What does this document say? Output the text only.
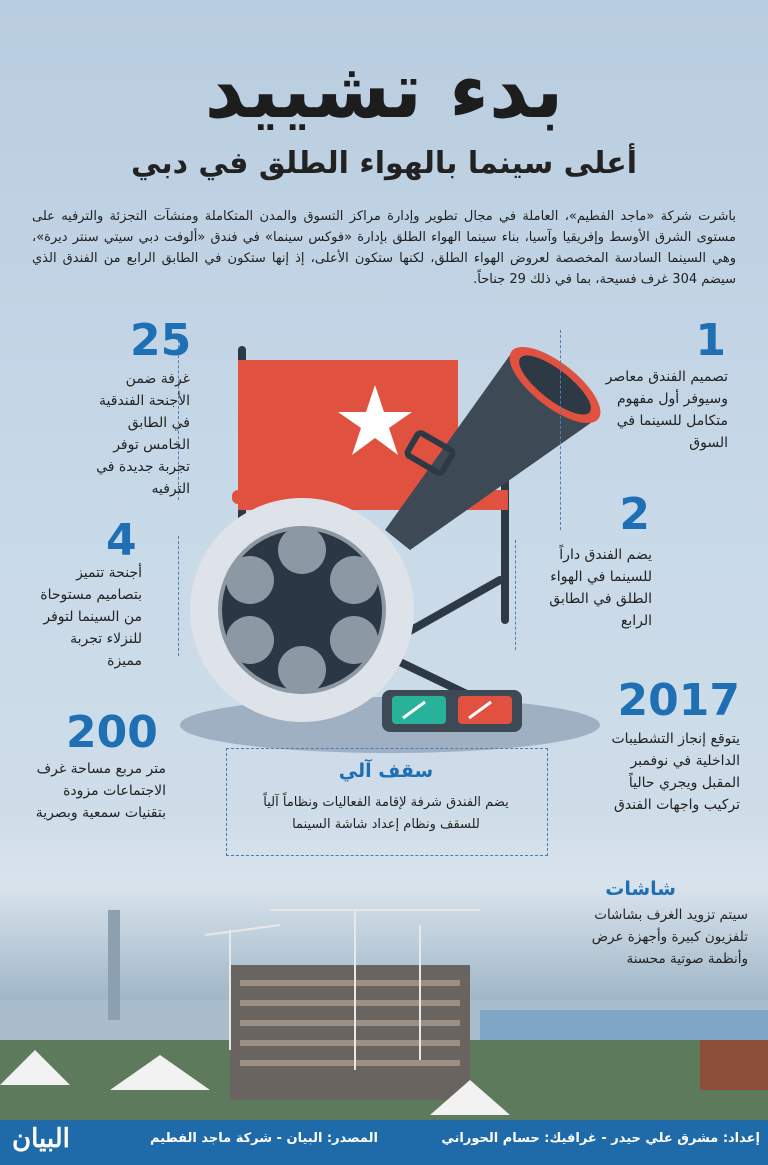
بدء تشييد
أعلى سينما بالهواء الطلق في دبي
باشرت شركة «ماجد الفطيم»، العاملة في مجال تطوير وإدارة مراكز التسوق والمدن المتكاملة ومنشآت التجزئة والترفيه على مستوى الشرق الأوسط وإفريقيا وآسيا، بناء سينما الهواء الطلق بإدارة «فوكس سينما» في فندق «ألوفت دبي سيتي سنتر ديرة»، وهي السينما السادسة المخصصة لعروض الهواء الطلق، لكنها ستكون الأعلى، إذ إنها ستكون في الطابق الرابع من الفندق الذي سيضم 304 غرف فسيحة، بما في ذلك 29 جناحاً.
1
تصميم الفندق معاصر وسيوفر أول مفهوم متكامل للسينما في السوق
2
يضم الفندق داراً للسينما في الهواء الطلق في الطابق الرابع
2017
يتوقع إنجاز التشطيبات الداخلية في نوفمبر المقبل ويجري حالياً تركيب واجهات الفندق
25
غرفة ضمن الأجنحة الفندقية في الطابق الخامس توفر تجربة جديدة في الترفيه
4
أجنحة تتميز بتصاميم مستوحاة من السينما لتوفر للنزلاء تجربة مميزة
200
متر مربع مساحة غرف الاجتماعات مزودة بتقنيات سمعية وبصرية
سقف آلي
يضم الفندق شرفة لإقامة الفعاليات ونظاماً آلياً للسقف ونظام إعداد شاشة السينما
شاشات
سيتم تزويد الغرف بشاشات تلفزيون كبيرة وأجهزة عرض وأنظمة صوتية محسنة
إعداد: مشرق علي حيدر - غرافيك: حسام الحوراني
المصدر: البيان - شركة ماجد الفطيم
البيان
